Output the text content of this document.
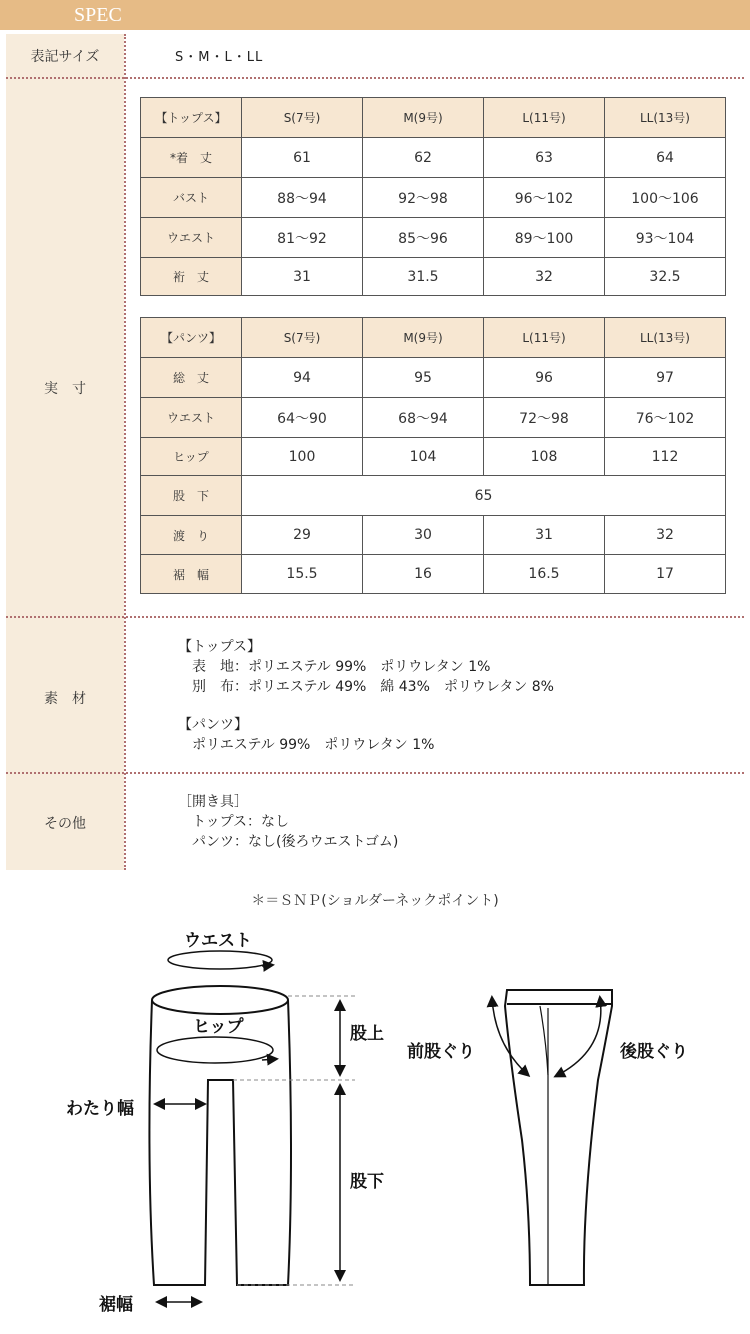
SPEC
表記サイズ	S・M・L・LL
実　寸
素　材
その他
【トップス】	S(7号)	M(9号)	L(11号)	LL(13号)
*着　丈	61	62	63	64
バスト	88～94	92～98	96～102	100～106
ウエスト	81～92	85～96	89～100	93～104
裄　丈	31	31.5	32	32.5
【パンツ】	S(7号)	M(9号)	L(11号)	LL(13号)
総　丈	94	95	96	97
ウエスト	64～90	68～94	72～98	76～102
ヒップ	100	104	108	112
股　下	65			
渡　り	29	30	31	32
裾　幅	15.5	16	16.5	17
【トップス】
　表　地：ポリエステル 99%　ポリウレタン 1%
　別　布：ポリエステル 49%　綿 43%　ポリウレタン 8%
【パンツ】
　ポリエステル 99%　ポリウレタン 1%
［開き具］
　トップス：なし
　パンツ：なし(後ろウエストゴム)
＊＝ＳＮＰ(ショルダーネックポイント)
ウエスト
ヒップ	股上
股下
わたり幅
裾幅
前股ぐり	後股ぐり
